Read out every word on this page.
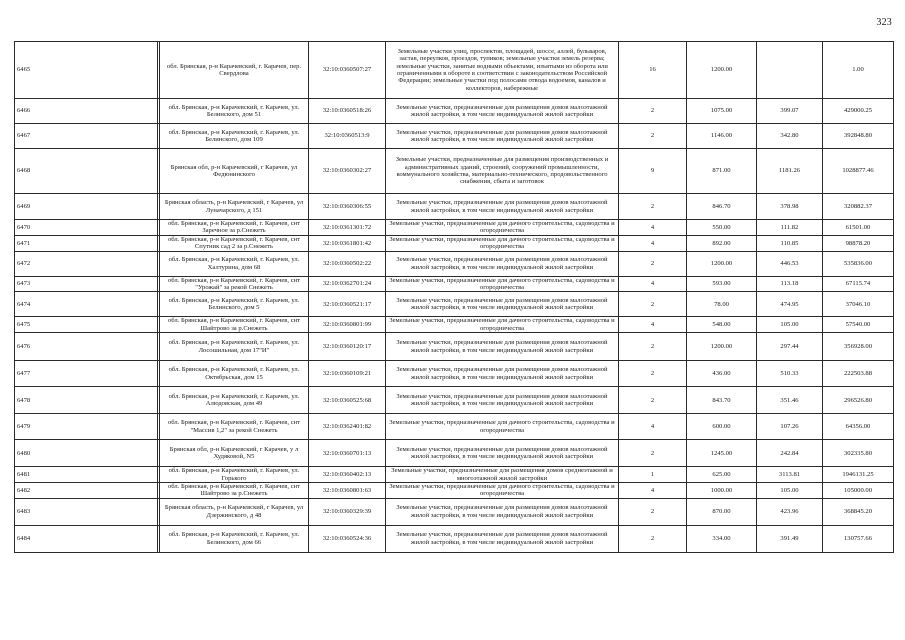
323
6465		обл. Брянская, р-н Карачевский, г. Карачев, пер. Свердлова	32:10:0360507:27	Земельные участки улиц, проспектов, площадей, шоссе, аллей, бульваров, застав, переулков, проездов, тупиков; земельные участки земель резерва; земельные участки, занятые водными объектами, изъятыми из оборота или ограниченными в обороте в соответствии с законодательством Российской Федерации; земельные участки под полосами отвода водоемов, каналов и коллекторов, набережные	16	1200.00		1.00
6466		обл. Брянская, р-н Карачевский, г. Карачев, ул. Белинского, дом 51	32:10:0360518:26	Земельные участки, предназначенные для размещения домов малоэтажной жилой застройки, в том числе индивидуальной жилой застройки	2	1075.00	399.07	429000.25
6467		обл. Брянская, р-н Карачевский, г. Карачев, ул. Белинского, дом 109	32:10:0360513:9	Земельные участки, предназначенные для размещения домов малоэтажной жилой застройки, в том числе индивидуальной жилой застройки	2	1146.00	342.80	392848.80
6468		Брянская обл, р-н Карачевский, г Карачев, ул Федюнинского	32:10:0360302:27	Земельные участки, предназначенные для размещения производственных и административных зданий, строений, сооружений промышленности, коммунального хозяйства, материально-технического, продовольственного снабжения, сбыта и заготовок	9	871.00	1181.26	1028877.46
6469		Брянская область, р-н Карачевский, г Карачев, ул Луначарского, д 151	32:10:0360306:55	Земельные участки, предназначенные для размещения домов малоэтажной жилой застройки, в том числе индивидуальной жилой застройки	2	846.70	378.98	320882.37
6470		обл. Брянская, р-н Карачевский, г. Карачев, снт Заречное за р.Снежеть	32:10:0361301:72	Земельные участки, предназначенные для дачного строительства, садоводства и огородничества	4	550.00	111.82	61501.00
6471		обл. Брянская, р-н Карачевский, г. Карачев, снт Спутник сад 2 за р.Снежеть	32:10:0361801:42	Земельные участки, предназначенные для дачного строительства, садоводства и огородничества	4	892.00	110.85	98878.20
6472		обл. Брянская, р-н Карачевский, г. Карачев, ул. Халтурина, дом 68	32:10:0360502:22	Земельные участки, предназначенные для размещения домов малоэтажной жилой застройки, в том числе индивидуальной жилой застройки	2	1200.00	446.53	535836.00
6473		обл. Брянская, р-н Карачевский, г. Карачев, снт "Урожай" за рекой Снежеть	32:10:0362701:24	Земельные участки, предназначенные для дачного строительства, садоводства и огородничества	4	593.00	113.18	67115.74
6474		обл. Брянская, р-н Карачевский, г. Карачев, ул. Белинского, дом 5	32:10:0360521:17	Земельные участки, предназначенные для размещения домов малоэтажной жилой застройки, в том числе индивидуальной жилой застройки	2	78.00	474.95	37046.10
6475		обл. Брянская, р-н Карачевский, г. Карачев, снт Шайтрово за р.Снежеть	32:10:0360801:99	Земельные участки, предназначенные для дачного строительства, садоводства и огородничества	4	548.00	105.00	57540.00
6476		обл. Брянская, р-н Карачевский, г. Карачев, ул. Лосошильная, дом 17"И"	32:10:0360120:17	Земельные участки, предназначенные для размещения домов малоэтажной жилой застройки, в том числе индивидуальной жилой застройки	2	1200.00	297.44	356928.00
6477		обл. Брянская, р-н Карачевский, г. Карачев, ул. Октябрьская, дом 15	32:10:0360109:21	Земельные участки, предназначенные для размещения домов малоэтажной жилой застройки, в том числе индивидуальной жилой застройки	2	436.00	510.33	222503.88
6478		обл. Брянская, р-н Карачевский, г. Карачев, ул. Алюдовская, дом 49	32:10:0360525:68	Земельные участки, предназначенные для размещения домов малоэтажной жилой застройки, в том числе индивидуальной жилой застройки	2	843.70	351.46	296526.80
6479		обл. Брянская, р-н Карачевский, г. Карачев, снт "Массив 1,2" за рекой Снежеть	32:10:0362401:82	Земельные участки, предназначенные для дачного строительства, садоводства и огородничества	4	600.00	107.26	64356.00
6480		Брянская обл, р-н Карачевский, г Карачев, у л Худяковой, N5	32:10:0360701:13	Земельные участки, предназначенные для размещения домов малоэтажной жилой застройки, в том числе индивидуальной жилой застройки	2	1245.00	242.84	302335.80
6481		обл. Брянская, р-н Карачевский, г. Карачев, ул. Горького	32:10:0360402:13	Земельные участки, предназначенные для размещения домов среднеэтажной и многоэтажной жилой застройки	1	625.00	3113.81	1946131.25
6482		обл. Брянская, р-н Карачевский, г. Карачев, снт Шайтрово за р.Снежеть	32:10:0360801:63	Земельные участки, предназначенные для дачного строительства, садоводства и огородничества	4	1000.00	105.00	105000.00
6483		Брянская область, р-н Карачевский, г Карачев, ул Дзержинского, д 48	32:10:0360329:39	Земельные участки, предназначенные для размещения домов малоэтажной жилой застройки, в том числе индивидуальной жилой застройки	2	870.00	423.96	368845.20
6484		обл. Брянская, р-н Карачевский, г. Карачев, ул. Белинского, дом 66	32:10:0360524:36	Земельные участки, предназначенные для размещения домов малоэтажной жилой застройки, в том числе индивидуальной жилой застройки	2	334.00	391.49	130757.66
